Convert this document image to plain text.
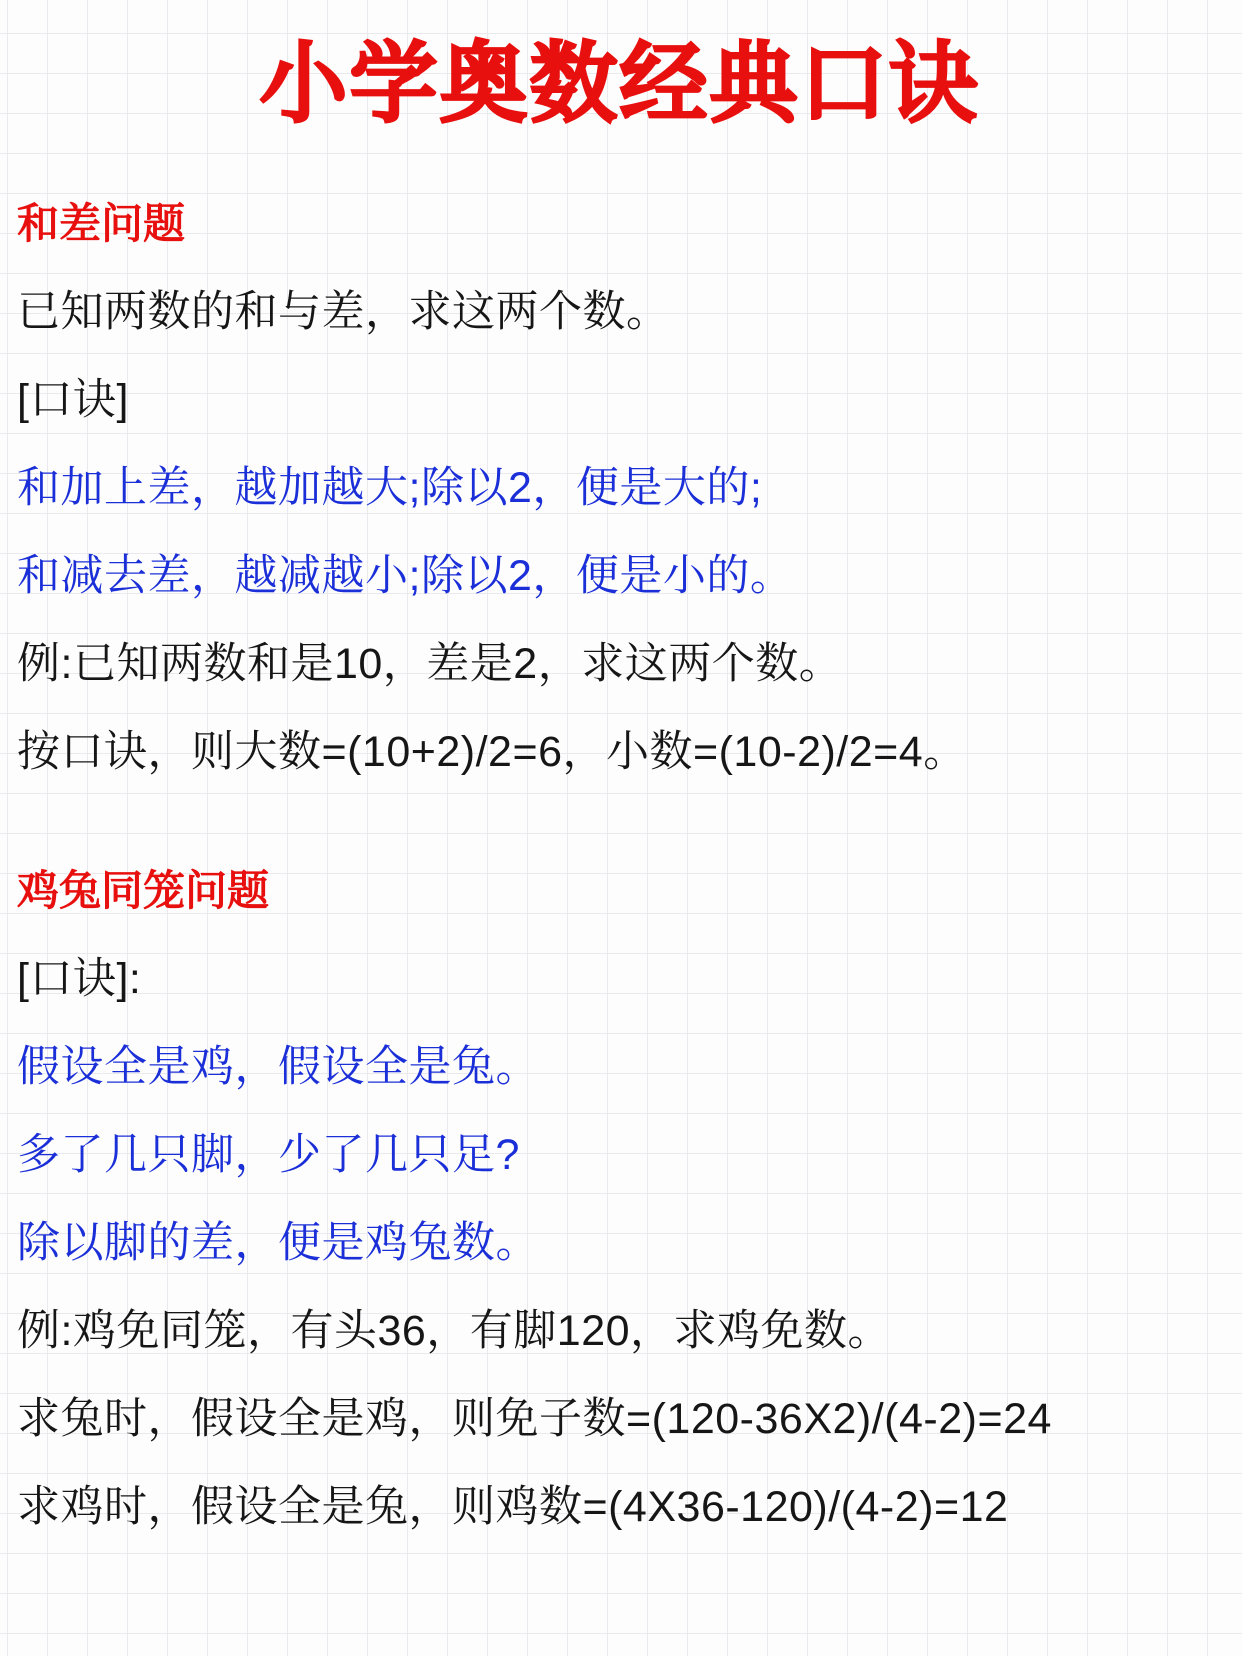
小学奥数经典口诀
和差问题

已知两数的和与差，求这两个数。

[口诀]

和加上差，越加越大;除以2，便是大的;

和减去差，越减越小;除以2，便是小的。

例:已知两数和是10，差是2，求这两个数。

按口诀，则大数=(10+2)/2=6，小数=(10-2)/2=4。

鸡兔同笼问题

[口诀]:

假设全是鸡，假设全是兔。

多了几只脚，少了几只足?

除以脚的差，便是鸡兔数。

例:鸡免同笼，有头36，有脚120，求鸡免数。

求兔时，假设全是鸡，则免子数=(120-36X2)/(4-2)=24

求鸡时，假设全是兔，则鸡数=(4X36-120)/(4-2)=12
